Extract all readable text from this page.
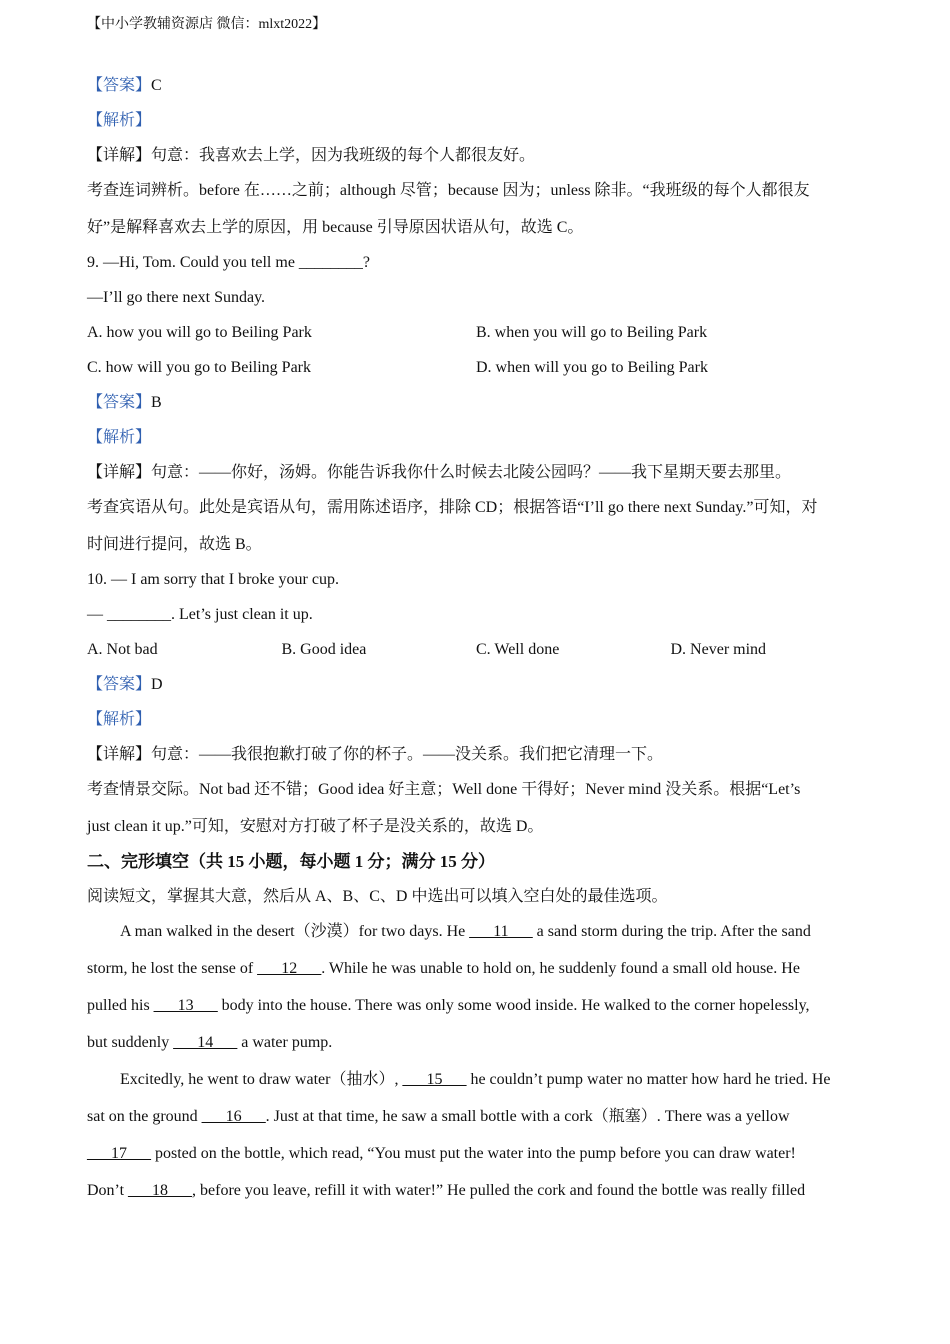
【中小学教辅资源店 微信：mlxt2022】
【答案】C
【解析】
【详解】句意：我喜欢去上学，因为我班级的每个人都很友好。
考查连词辨析。before 在……之前；although 尽管；because 因为；unless 除非。“我班级的每个人都很友
好”是解释喜欢去上学的原因，用 because 引导原因状语从句，故选 C。
9. —Hi, Tom. Could you tell me ________?
—I’ll go there next Sunday.
A. how you will go to Beiling Park	B. when you will go to Beiling Park
C. how will you go to Beiling Park	D. when will you go to Beiling Park
【答案】B
【解析】
【详解】句意：——你好，汤姆。你能告诉我你什么时候去北陵公园吗？——我下星期天要去那里。
考查宾语从句。此处是宾语从句，需用陈述语序，排除 CD；根据答语“I’ll go there next Sunday.”可知，对
时间进行提问，故选 B。
10. — I am sorry that I broke your cup.
— ________. Let’s just clean it up.
A. Not bad	B. Good idea	C. Well done	D. Never mind
【答案】D
【解析】
【详解】句意：——我很抱歉打破了你的杯子。——没关系。我们把它清理一下。
考查情景交际。Not bad 还不错；Good idea 好主意；Well done 干得好；Never mind 没关系。根据“Let’s
just clean it up.”可知，安慰对方打破了杯子是没关系的，故选 D。
二、完形填空（共 15 小题，每小题 1 分；满分 15 分）
阅读短文，掌握其大意，然后从 A、B、C、D 中选出可以填入空白处的最佳选项。
A man walked in the desert（沙漠）for two days. He ___11___ a sand storm during the trip. After the sand
storm, he lost the sense of ___12___. While he was unable to hold on, he suddenly found a small old house. He
pulled his ___13___ body into the house. There was only some wood inside. He walked to the corner hopelessly,
but suddenly ___14___ a water pump.
Excitedly, he went to draw water（抽水）, ___15___ he couldn’t pump water no matter how hard he tried. He
sat on the ground ___16___. Just at that time, he saw a small bottle with a cork（瓶塞）. There was a yellow
___17___ posted on the bottle, which read, “You must put the water into the pump before you can draw water!
Don’t ___18___, before you leave, refill it with water!” He pulled the cork and found the bottle was really filled
